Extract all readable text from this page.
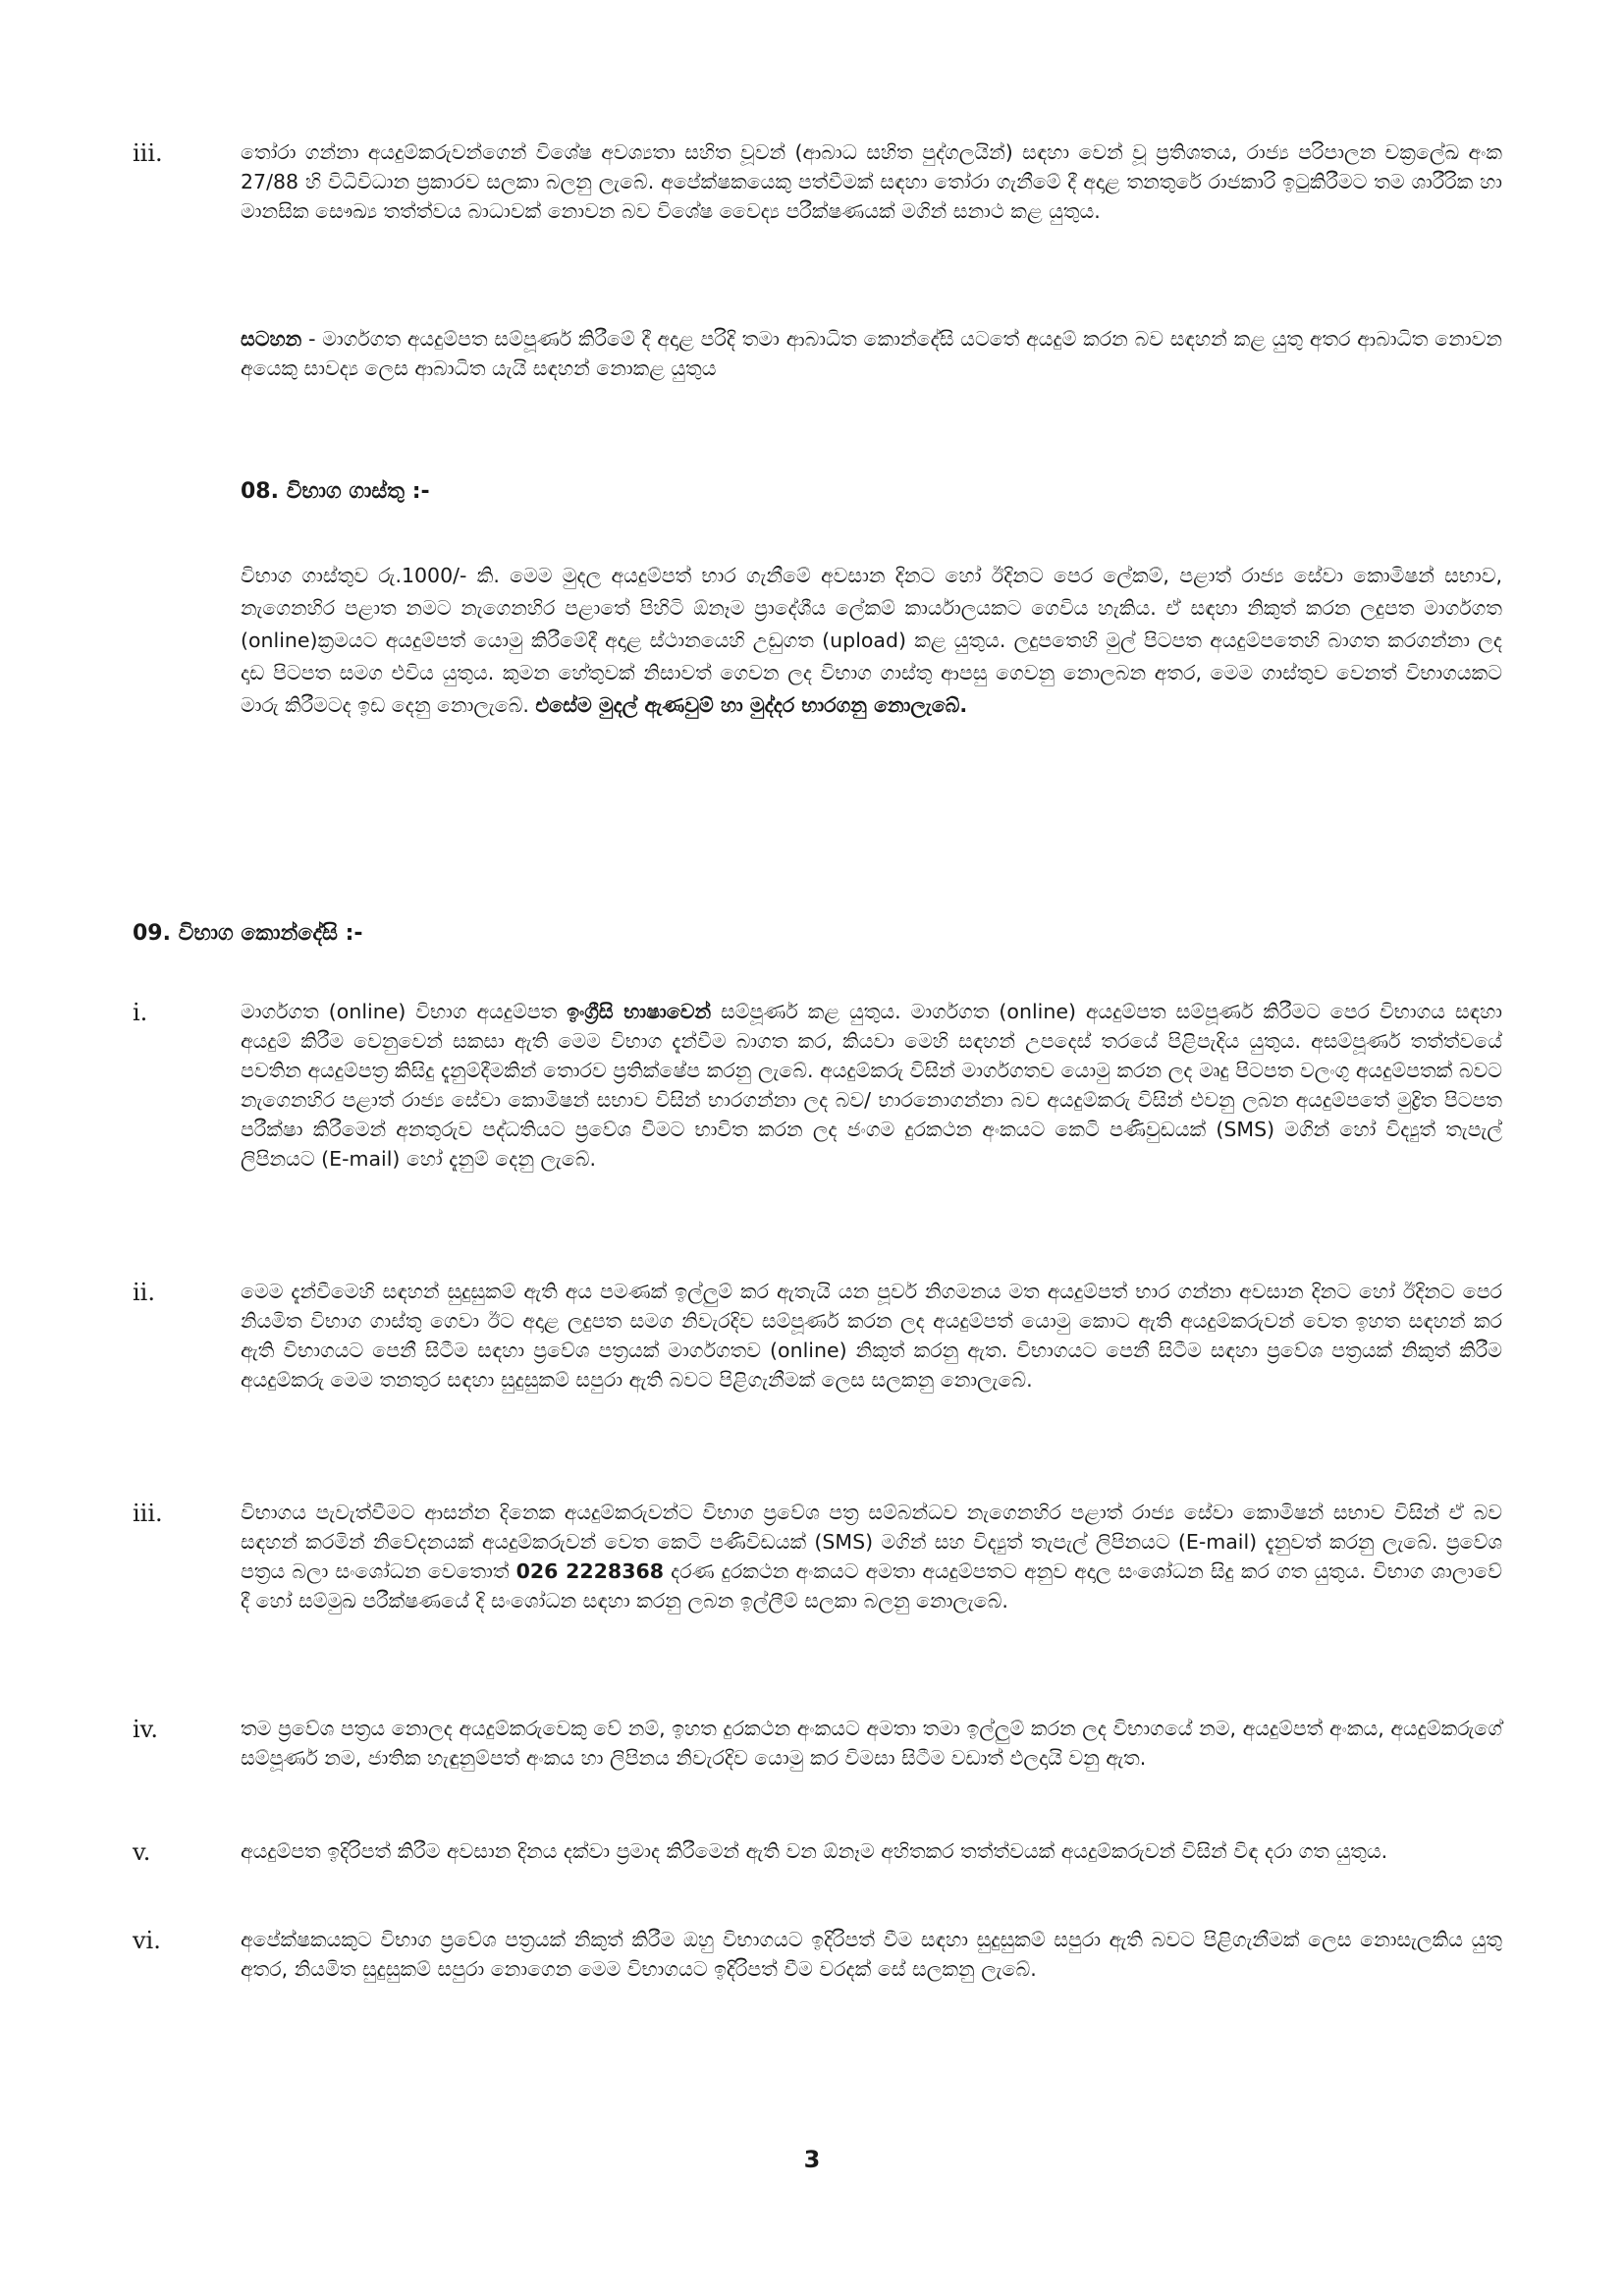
iii.	තෝරා ගන්නා අයදුම්කරුවන්ගෙන් විශේෂ අවශ්‍යතා සහිත වූවන් (ආබාධ සහිත පුද්ගලයින්) සඳහා වෙන් වූ ප්‍රතිශතය, රාජ්‍ය පරිපාලන චක්‍රලේඛ අංක 27/88 හි විධිවිධාන ප්‍රකාරව සලකා බලනු ලැබේ. අපේක්ෂකයෙකු පත්වීමක් සඳහා තෝරා ගැනීමේ දී අදාළ තනතුරේ රාජකාරි ඉටුකිරීමට තම ශාරීරික හා මානසික සෞඛ්‍ය තත්ත්වය බාධාවක් නොවන බව විශේෂ වෛද්‍ය පරීක්ෂණයක් මගින් සනාථ කළ යුතුය.

සටහන - මාර්ගගත අයදුම්පත සම්පූර්ණ කිරීමේ දී අදාළ පරිදි තමා ආබාධිත කොන්දේසි යටතේ අයදුම් කරන බව සඳහන් කළ යුතු අතර ආබාධිත නොවන අයෙකු සාවද්‍ය ලෙස ආබාධිත යැයි සඳහන් නොකළ යුතුය

08. විභාග ගාස්තු :-

විභාග ගාස්තුව රු.1000/- කි. මෙම මුදල අයදුම්පත් භාර ගැනීමේ අවසාන දිනට හෝ ඊදිනට පෙර ලේකම්, පළාත් රාජ්‍ය සේවා කොමිෂන් සභාව, නැගෙනහිර පළාත නමට නැගෙනහිර පළාතේ පිහිටි ඕනෑම ප්‍රාදේශීය ලේකම් කාර්යාලයකට ගෙවිය හැකිය. ඒ සඳහා නිකුත් කරන ලදුපත මාර්ගගත (online)ක්‍රමයට අයදුම්පත් යොමු කිරීමේදී අදාළ ස්ථානයෙහි උඩුගත (upload) කළ යුතුය. ලදුපතෙහි මුල් පිටපත අයදුම්පතෙහි බාගත කරගන්නා ලද දෘඩ පිටපත සමග එවිය යුතුය. කුමන හේතුවක් නිසාවත් ගෙවන ලද විභාග ගාස්තු ආපසු ගෙවනු නොලබන අතර, මෙම ගාස්තුව වෙනත් විභාගයකට මාරු කිරීමටද ඉඩ දෙනු නොලැබේ. එසේම මුදල් ඇණවුම් හා මුද්දර භාරගනු නොලැබේ.

09. විභාග කොන්දේසි :-
i.	මාර්ගගත (online) විභාග අයදුම්පත ඉංග්‍රීසි භාෂාවෙන් සම්පූර්ණ කළ යුතුය. මාර්ගගත (online) අයදුම්පත සම්පූර්ණ කිරීමට පෙර විභාගය සඳහා අයදුම් කිරීම වෙනුවෙන් සකසා ඇති මෙම විභාග දැන්වීම බාගත කර, කියවා මෙහි සඳහන් උපදෙස් තරයේ පිළිපැදිය යුතුය. අසම්පූර්ණ තත්ත්වයේ පවතින අයදුම්පත්‍ර කිසිදු දැනුම්දීමකින් තොරව ප්‍රතික්ෂේප කරනු ලැබේ. අයදුම්කරු විසින් මාර්ගගතව යොමු කරන ලද මෘදු පිටපත වලංගු අයදුම්පතක් බවට නැගෙනහිර පළාත් රාජ්‍ය සේවා කොමිෂන් සභාව විසින් භාරගන්නා ලද බව/ භාරනොගන්නා බව අයදුම්කරු විසින් එවනු ලබන අයදුම්පතේ මුද්‍රිත පිටපත පරීක්ෂා කිරීමෙන් අනතුරුව පද්ධතියට ප්‍රවේශ වීමට භාවිත කරන ලද ජංගම දුරකථන අංකයට කෙටි පණිවුඩයක් (SMS) මගින් හෝ විද්‍යුත් තැපැල් ලිපිනයට (E-mail) හෝ දැනුම් දෙනු ලැබේ.

ii.	මෙම දැන්වීමෙහි සඳහන් සුදුසුකම් ඇති අය පමණක් ඉල්ලුම් කර ඇතැයි යන පූර්ව නිගමනය මත අයදුම්පත් භාර ගන්නා අවසාන දිනට හෝ ඊදිනට පෙර නියමිත විභාග ගාස්තු ගෙවා ඊට අදාළ ලදුපත සමග නිවැරදිව සම්පූර්ණ කරන ලද අයදුම්පත් යොමු කොට ඇති අයදුම්කරුවන් වෙත ඉහත සඳහන් කර ඇති විභාගයට පෙනී සිටීම සඳහා ප්‍රවේශ පත්‍රයක් මාර්ගගතව (online) නිකුත් කරනු ඇත. විභාගයට පෙනී සිටීම සඳහා ප්‍රවේශ පත්‍රයක් නිකුත් කිරීම අයදුම්කරු මෙම තනතුර සඳහා සුදුසුකම් සපුරා ඇති බවට පිළිගැනීමක් ලෙස සලකනු නොලැබේ.

iii.	විභාගය පැවැත්වීමට ආසන්න දිනෙක අයදුම්කරුවන්ට විභාග ප්‍රවේශ පත්‍ර සම්බන්ධව නැගෙනහිර පළාත් රාජ්‍ය සේවා කොමිෂන් සභාව විසින් ඒ බව සඳහන් කරමින් නිවේදනයක් අයදුම්කරුවන් වෙත කෙටි පණිවිඩයක් (SMS) මගින් සහ විද්‍යුත් තැපැල් ලිපිනයට (E-mail) දැනුවත් කරනු ලැබේ. ප්‍රවේශ පත්‍රය බලා සංශෝධන වෙතොත් 026 2228368 දරණ දුරකථන අංකයට අමතා අයදුම්පතට අනුව අදාල සංශෝධන සිදු කර ගත යුතුය. විභාග ශාලාවේ දී හෝ සම්මුඛ පරීක්ෂණයේ දි සංශෝධන සඳහා කරනු ලබන ඉල්ලීම් සලකා බලනු නොලැබේ.

iv.	තම ප්‍රවේශ පත්‍රය නොලද අයදුම්කරුවෙකු වේ නම්, ඉහත දුරකථන අංකයට අමතා තමා ඉල්ලුම් කරන ලද විභාගයේ නම, අයදුම්පත් අංකය, අයදුම්කරුගේ සම්පූර්ණ නම, ජාතික හැඳුනුම්පත් අංකය හා ලිපිනය නිවැරදිව යොමු කර විමසා සිටීම වඩාත් ඵලදායි වනු ඇත.

v.	අයදුම්පත ඉදිරිපත් කිරීම අවසාන දිනය දක්වා ප්‍රමාද කිරීමෙන් ඇති වන ඕනෑම අහිතකර තත්ත්වයක් අයදුම්කරුවන් විසින් විඳ දරා ගත යුතුය.

vi.	අපේක්ෂකයකුට විභාග ප්‍රවේශ පත්‍රයක් නිකුත් කිරීම ඔහු විභාගයට ඉදිරිපත් වීම සඳහා සුදුසුකම් සපුරා ඇති බවට පිළිගැනීමක් ලෙස නොසැලකිය යුතු අතර, නියමිත සුදුසුකම් සපුරා නොගෙන මෙම විභාගයට ඉදිරිපත් වීම වරදක් සේ සලකනු ලැබේ.

3
